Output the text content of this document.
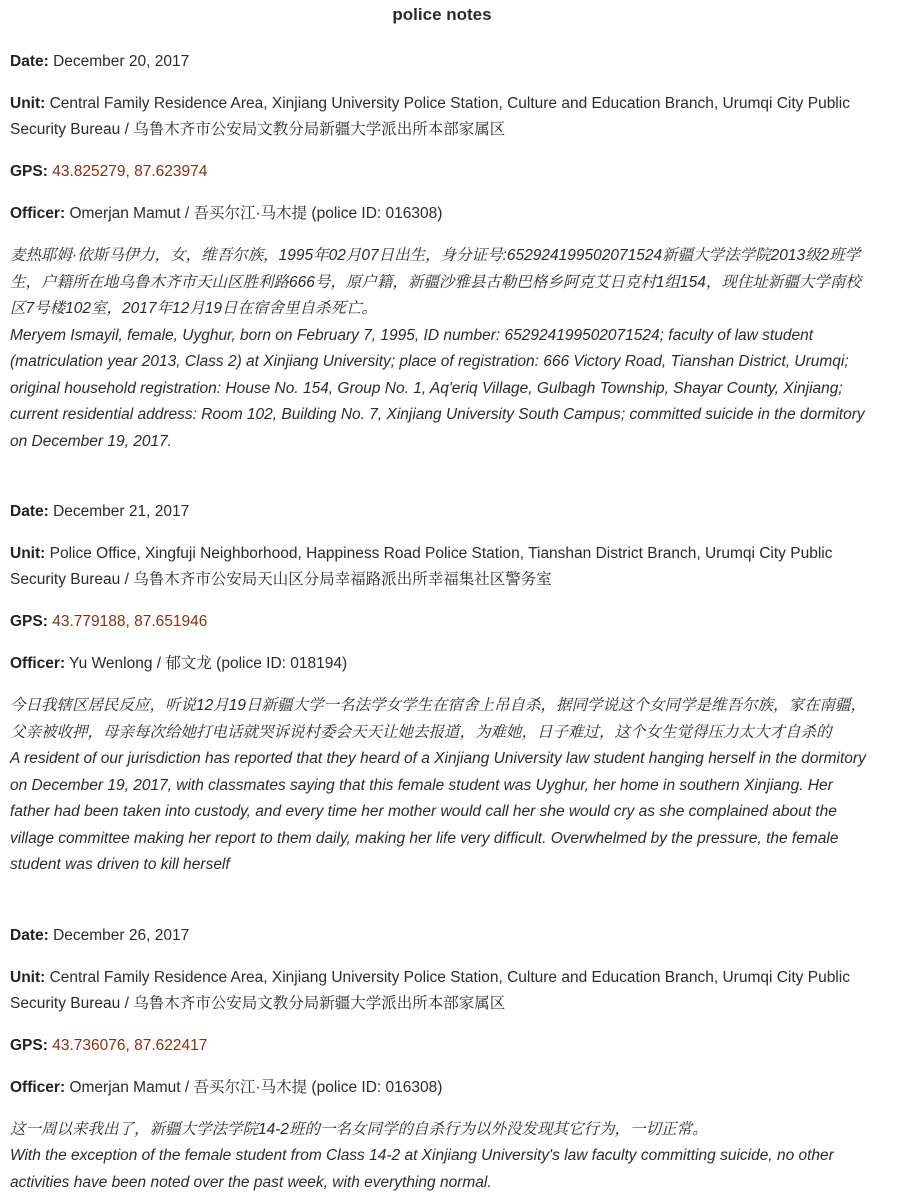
police notes

Date: December 20, 2017

Unit: Central Family Residence Area, Xinjiang University Police Station, Culture and Education Branch, Urumqi City Public Security Bureau / 乌鲁木齐市公安局文教分局新疆大学派出所本部家属区

GPS: 43.825279, 87.623974

Officer: Omerjan Mamut / 吾买尔江·马木提 (police ID: 016308)

麦热耶姆·依斯马伊力，女，维吾尔族，1995年02月07日出生，身分证号:652924199502071524新疆大学法学院2013级2班学生，户籍所在地乌鲁木齐市天山区胜利路666号，原户籍，新疆沙雅县古勒巴格乡阿克艾日克村1组154，现住址新疆大学南校区7号楼102室，2017年12月19日在宿舍里自杀死亡。
Meryem Ismayil, female, Uyghur, born on February 7, 1995, ID number: 652924199502071524; faculty of law student (matriculation year 2013, Class 2) at Xinjiang University; place of registration: 666 Victory Road, Tianshan District, Urumqi; original household registration: House No. 154, Group No. 1, Aq'eriq Village, Gulbagh Township, Shayar County, Xinjiang; current residential address: Room 102, Building No. 7, Xinjiang University South Campus; committed suicide in the dormitory on December 19, 2017.

Date: December 21, 2017

Unit: Police Office, Xingfuji Neighborhood, Happiness Road Police Station, Tianshan District Branch, Urumqi City Public Security Bureau / 乌鲁木齐市公安局天山区分局幸福路派出所幸福集社区警务室

GPS: 43.779188, 87.651946

Officer: Yu Wenlong / 郁文龙 (police ID: 018194)

今日我辖区居民反应，听说12月19日新疆大学一名法学女学生在宿舍上吊自杀，据同学说这个女同学是维吾尔族，家在南疆，父亲被收押，母亲每次给她打电话就哭诉说村委会天天让她去报道，为难她，日子难过，这个女生觉得压力太大才自杀的
A resident of our jurisdiction has reported that they heard of a Xinjiang University law student hanging herself in the dormitory on December 19, 2017, with classmates saying that this female student was Uyghur, her home in southern Xinjiang. Her father had been taken into custody, and every time her mother would call her she would cry as she complained about the village committee making her report to them daily, making her life very difficult. Overwhelmed by the pressure, the female student was driven to kill herself

Date: December 26, 2017

Unit: Central Family Residence Area, Xinjiang University Police Station, Culture and Education Branch, Urumqi City Public Security Bureau / 乌鲁木齐市公安局文教分局新疆大学派出所本部家属区

GPS: 43.736076, 87.622417

Officer: Omerjan Mamut / 吾买尔江·马木提 (police ID: 016308)

这一周以来我出了，新疆大学法学院14-2班的一名女同学的自杀行为以外没发现其它行为，一切正常。
With the exception of the female student from Class 14-2 at Xinjiang University's law faculty committing suicide, no other activities have been noted over the past week, with everything normal.
